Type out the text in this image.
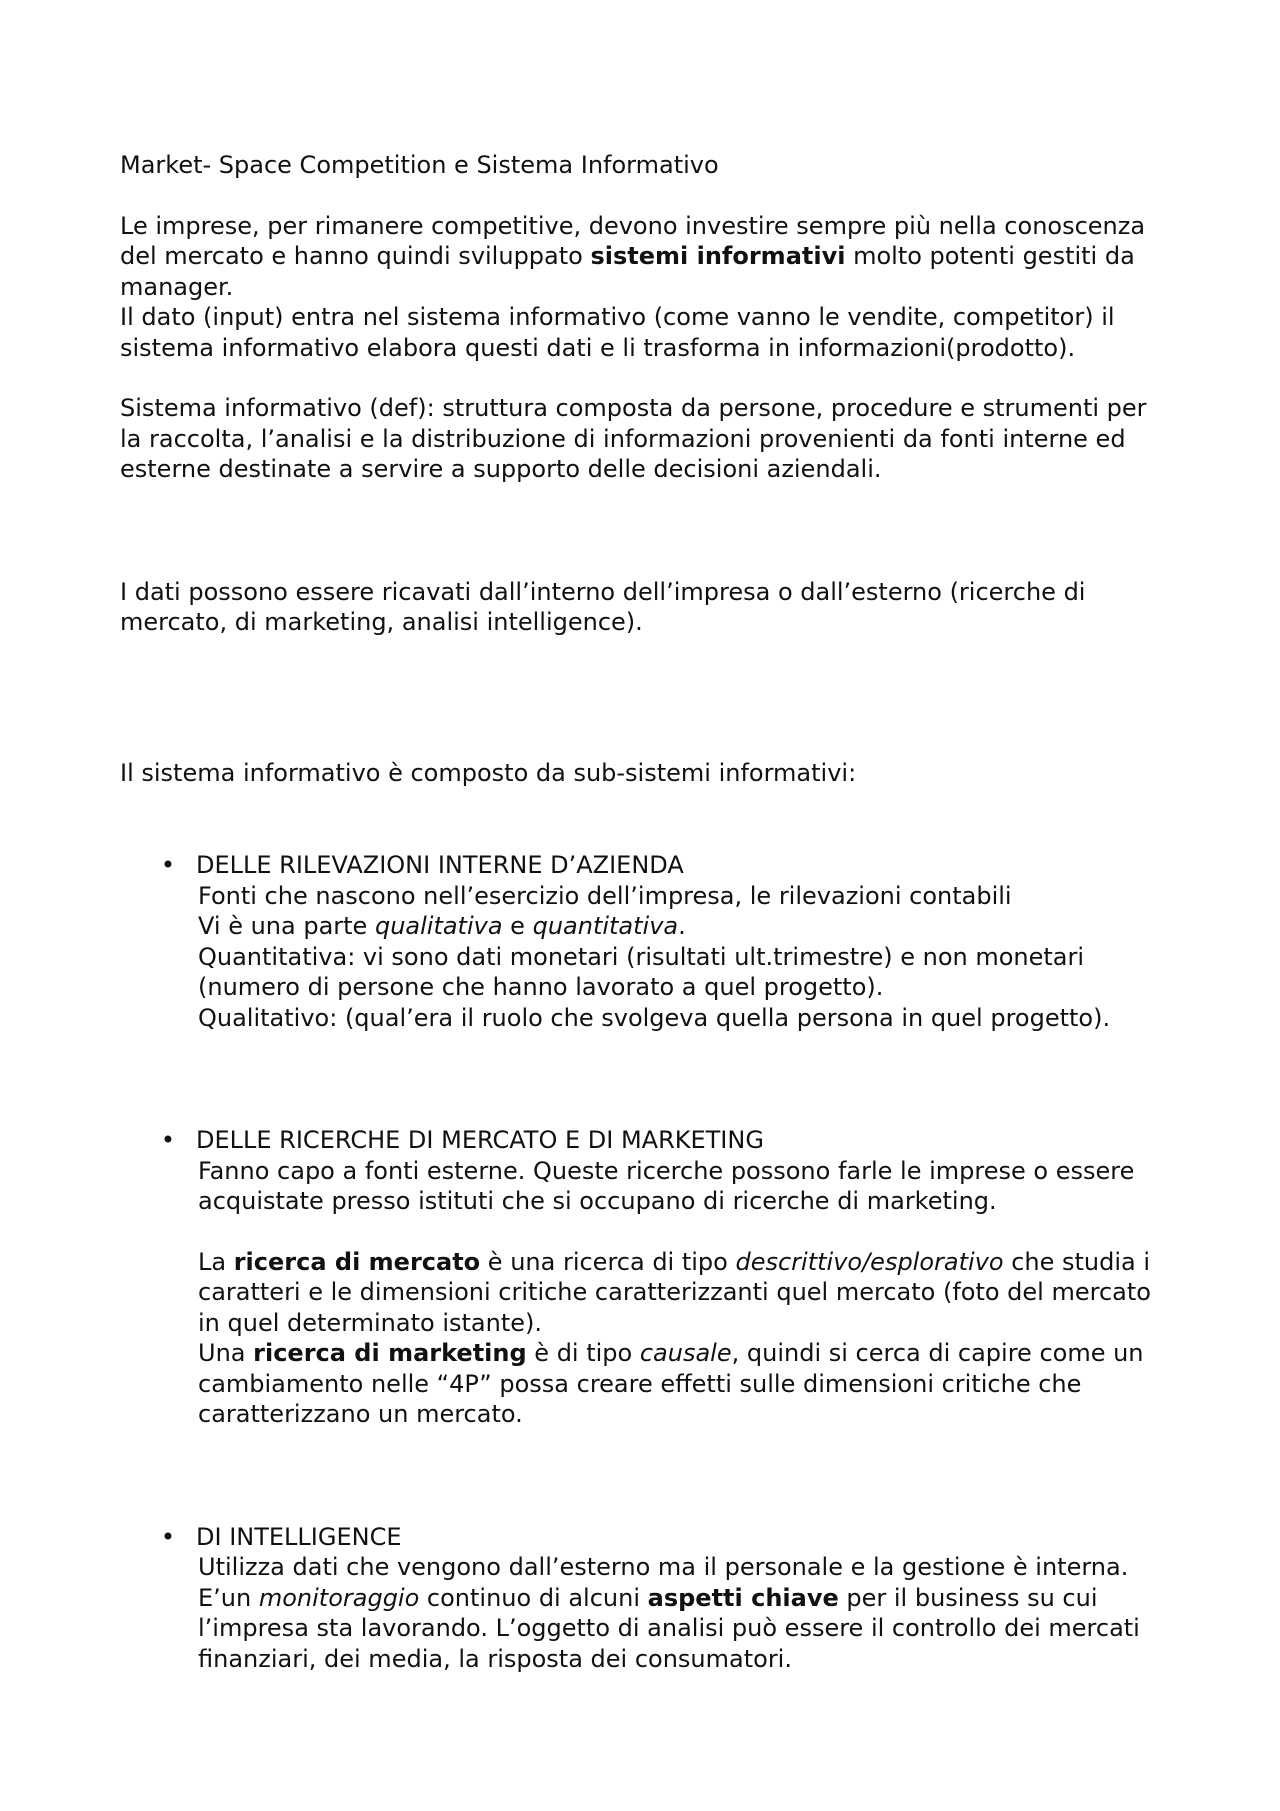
Market- Space Competition e Sistema Informativo

Le imprese, per rimanere competitive, devono investire sempre più nella conoscenza del mercato e hanno quindi sviluppato sistemi informativi molto potenti gestiti da manager.

Il dato (input) entra nel sistema informativo (come vanno le vendite, competitor) il sistema informativo elabora questi dati e li trasforma in informazioni(prodotto).

Sistema informativo (def): struttura composta da persone, procedure e strumenti per la raccolta, l’analisi e la distribuzione di informazioni provenienti da fonti interne ed esterne destinate a servire a supporto delle decisioni aziendali.

I dati possono essere ricavati dall’interno dell’impresa o dall’esterno (ricerche di mercato, di marketing, analisi intelligence).

Il sistema informativo è composto da sub-sistemi informativi:

• DELLE RILEVAZIONI INTERNE D’AZIENDA

Fonti che nascono nell’esercizio dell’impresa, le rilevazioni contabili

Vi è una parte qualitativa e quantitativa.

Quantitativa: vi sono dati monetari (risultati ult.trimestre) e non monetari (numero di persone che hanno lavorato a quel progetto).

Qualitativo: (qual’era il ruolo che svolgeva quella persona in quel progetto).

• DELLE RICERCHE DI MERCATO E DI MARKETING

Fanno capo a fonti esterne. Queste ricerche possono farle le imprese o essere acquistate presso istituti che si occupano di ricerche di marketing.

La ricerca di mercato è una ricerca di tipo descrittivo/esplorativo che studia i caratteri e le dimensioni critiche caratterizzanti quel mercato (foto del mercato in quel determinato istante).

Una ricerca di marketing è di tipo causale, quindi si cerca di capire come un cambiamento nelle “4P” possa creare effetti sulle dimensioni critiche che caratterizzano un mercato.

• DI INTELLIGENCE

Utilizza dati che vengono dall’esterno ma il personale e la gestione è interna.

E’un monitoraggio continuo di alcuni aspetti chiave per il business su cui l’impresa sta lavorando. L’oggetto di analisi può essere il controllo dei mercati finanziari, dei media, la risposta dei consumatori.
